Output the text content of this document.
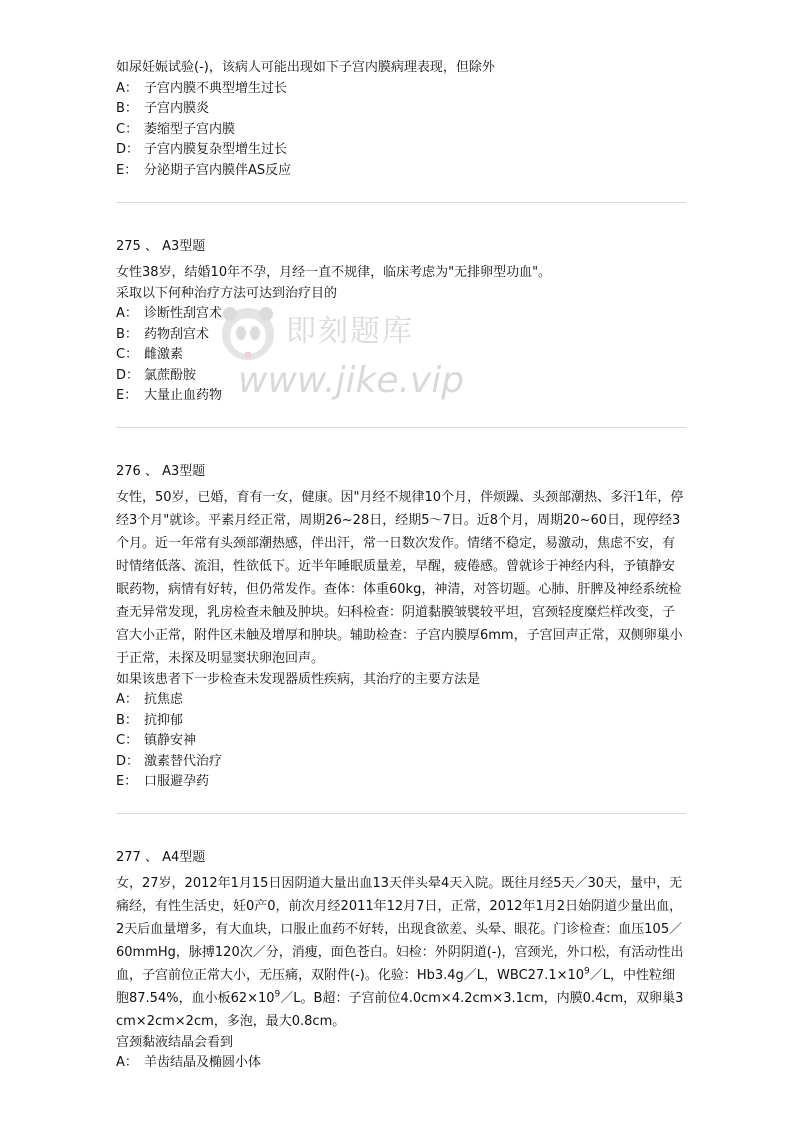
如尿妊娠试验(-)，该病人可能出现如下子宫内膜病理表现，但除外

A： 子宫内膜不典型增生过长

B： 子宫内膜炎

C： 萎缩型子宫内膜

D： 子宫内膜复杂型增生过长

E： 分泌期子宫内膜伴AS反应

275 、 A3型题

女性38岁，结婚10年不孕，月经一直不规律，临床考虑为"无排卵型功血"。

采取以下何种治疗方法可达到治疗目的

A： 诊断性刮宫术

B： 药物刮宫术

C： 雌激素

D： 氯蔗酚胺

E： 大量止血药物

276 、 A3型题

女性，50岁，已婚，育有一女，健康。因"月经不规律10个月，伴烦躁、头颈部潮热、多汗1年，停经3个月"就诊。平素月经正常，周期26~28日，经期5～7日。近8个月，周期20~60日，现停经3个月。近一年常有头颈部潮热感，伴出汗，常一日数次发作。情绪不稳定，易激动，焦虑不安，有时情绪低落、流泪，性欲低下。近半年睡眠质量差，早醒，疲倦感。曾就诊于神经内科，予镇静安眠药物，病情有好转，但仍常发作。查体：体重60kg，神清，对答切题。心肺、肝脾及神经系统检查无异常发现，乳房检查未触及肿块。妇科检查：阴道黏膜皱襞较平坦，宫颈轻度糜烂样改变，子宫大小正常，附件区未触及增厚和肿块。辅助检查：子宫内膜厚6mm，子宫回声正常，双侧卵巢小于正常，未探及明显窦状卵泡回声。

如果该患者下一步检查未发现器质性疾病，其治疗的主要方法是

A： 抗焦虑

B： 抗抑郁

C： 镇静安神

D： 激素替代治疗

E： 口服避孕药

277 、 A4型题

女，27岁，2012年1月15日因阴道大量出血13天伴头晕4天入院。既往月经5天／30天，量中，无痛经，有性生活史，妊0产0，前次月经2011年12月7日，正常，2012年1月2日始阴道少量出血，2天后血量增多，有大血块，口服止血药不好转，出现食欲差、头晕、眼花。门诊检查：血压105／60mmHg，脉搏120次／分，消瘦，面色苍白。妇检：外阴阴道(-)，宫颈光，外口松，有活动性出血，子宫前位正常大小，无压痛，双附件(-)。化验：Hb3.4g／L，$WBC27.1\times 10^9/L$，中性粒细胞87.54%，血小板$62\times 10^9/L$。B超：子宫前位4.0cm×4.2cm×3.1cm，内膜0.4cm，双卵巢3cm×2cm×2cm，多泡，最大0.8cm。

宫颈黏液结晶会看到

A： 羊齿结晶及椭圆小体

即刻题库
www.jike.vip
